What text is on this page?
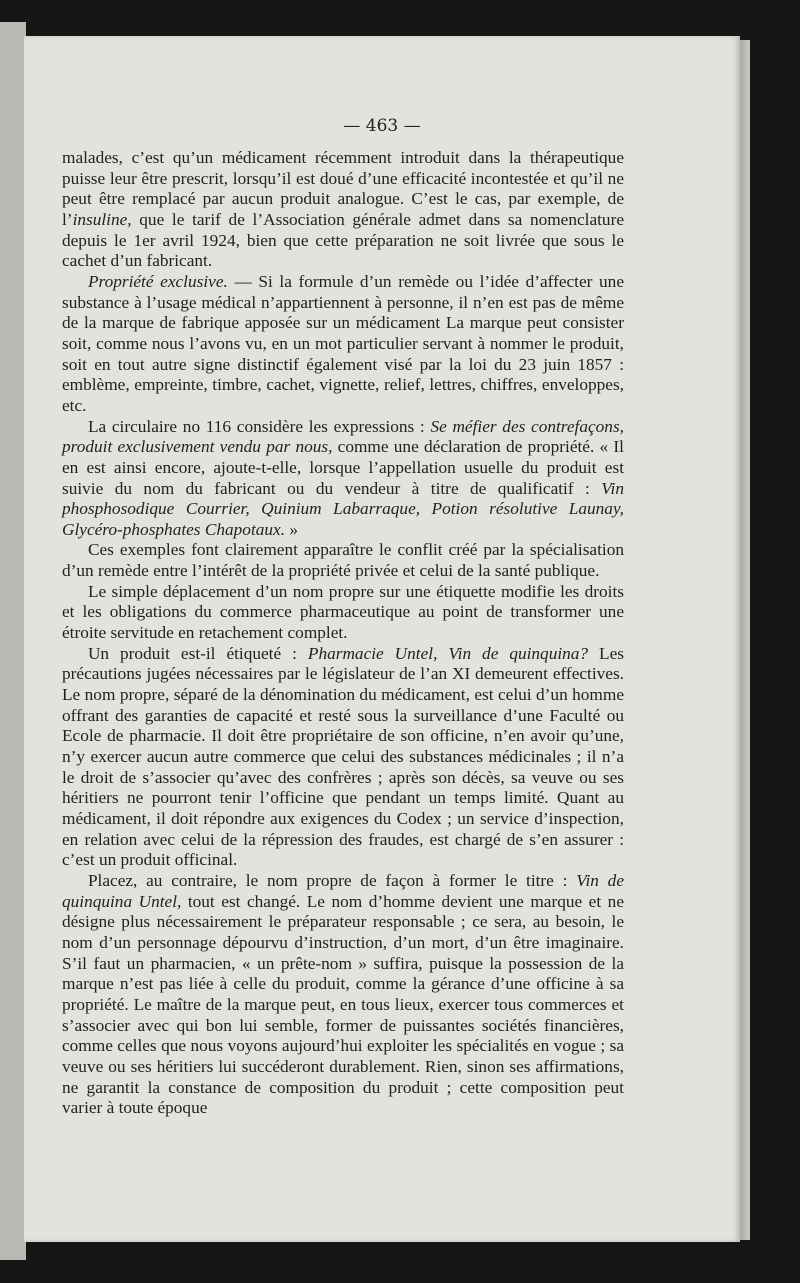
— 463 —

malades, c’est qu’un médicament récemment introduit dans la thérapeutique puisse leur être prescrit, lorsqu’il est doué d’une efficacité incontestée et qu’il ne peut être remplacé par aucun produit analogue. C’est le cas, par exemple, de l’insuline, que le tarif de l’Association générale admet dans sa nomenclature depuis le 1er avril 1924, bien que cette préparation ne soit livrée que sous le cachet d’un fabricant.

Propriété exclusive. — Si la formule d’un remède ou l’idée d’affecter une substance à l’usage médical n’appartiennent à personne, il n’en est pas de même de la marque de fabrique apposée sur un médicament La marque peut consister soit, comme nous l’avons vu, en un mot particulier servant à nommer le produit, soit en tout autre signe distinctif également visé par la loi du 23 juin 1857 : emblème, empreinte, timbre, cachet, vignette, relief, lettres, chiffres, enveloppes, etc.

La circulaire no 116 considère les expressions : Se méfier des contrefaçons, produit exclusivement vendu par nous, comme une déclaration de propriété. « Il en est ainsi encore, ajoute-t-elle, lorsque l’appellation usuelle du produit est suivie du nom du fabricant ou du vendeur à titre de qualificatif : Vin phosphosodique Courrier, Quinium Labarraque, Potion résolutive Launay, Glycéro-phosphates Chapotaux. »

Ces exemples font clairement apparaître le conflit créé par la spécialisation d’un remède entre l’intérêt de la propriété privée et celui de la santé publique.

Le simple déplacement d’un nom propre sur une étiquette modifie les droits et les obligations du commerce pharmaceutique au point de transformer une étroite servitude en retachement complet.

Un produit est-il étiqueté : Pharmacie Untel, Vin de quinquina? Les précautions jugées nécessaires par le législateur de l’an XI demeurent effectives. Le nom propre, séparé de la dénomination du médicament, est celui d’un homme offrant des garanties de capacité et resté sous la surveillance d’une Faculté ou Ecole de pharmacie. Il doit être propriétaire de son officine, n’en avoir qu’une, n’y exercer aucun autre commerce que celui des substances médicinales ; il n’a le droit de s’associer qu’avec des confrères ; après son décès, sa veuve ou ses héritiers ne pourront tenir l’officine que pendant un temps limité. Quant au médicament, il doit répondre aux exigences du Codex ; un service d’inspection, en relation avec celui de la répression des fraudes, est chargé de s’en assurer : c’est un produit officinal.

Placez, au contraire, le nom propre de façon à former le titre : Vin de quinquina Untel, tout est changé. Le nom d’homme devient une marque et ne désigne plus nécessairement le préparateur responsable ; ce sera, au besoin, le nom d’un personnage dépourvu d’instruction, d’un mort, d’un être imaginaire. S’il faut un pharmacien, « un prête-nom » suffira, puisque la possession de la marque n’est pas liée à celle du produit, comme la gérance d’une officine à sa propriété. Le maître de la marque peut, en tous lieux, exercer tous commerces et s’associer avec qui bon lui semble, former de puissantes sociétés financières, comme celles que nous voyons aujourd’hui exploiter les spécialités en vogue ; sa veuve ou ses héritiers lui succéderont durablement. Rien, sinon ses affirmations, ne garantit la constance de composition du produit ; cette composition peut varier à toute époque
